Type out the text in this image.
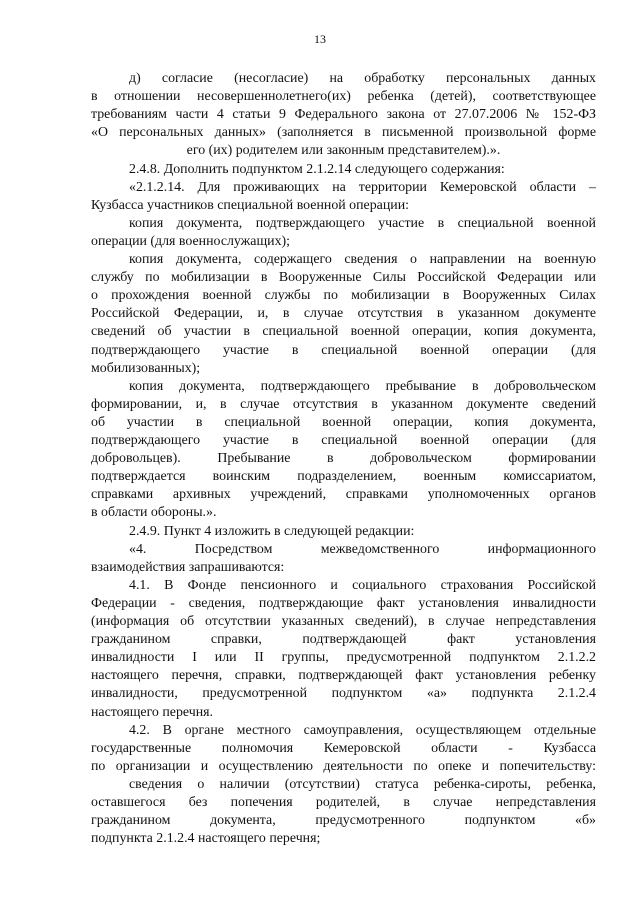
13
д) согласие (несогласие) на обработку персональных данных
в отношении несовершеннолетнего(их) ребенка (детей), соответствующее
требованиям части 4 статьи 9 Федерального закона от 27.07.2006 № 152-ФЗ
«О персональных данных» (заполняется в письменной произвольной форме
его (их) родителем или законным представителем).».
2.4.8. Дополнить подпунктом 2.1.2.14 следующего содержания:
«2.1.2.14. Для проживающих на территории Кемеровской области –
Кузбасса участников специальной военной операции:
копия документа, подтверждающего участие в специальной военной
операции (для военнослужащих);
копия документа, содержащего сведения о направлении на военную
службу по мобилизации в Вооруженные Силы Российской Федерации или
о прохождения военной службы по мобилизации в Вооруженных Силах
Российской Федерации, и, в случае отсутствия в указанном документе
сведений об участии в специальной военной операции, копия документа,
подтверждающего участие в специальной военной операции (для
мобилизованных);
копия документа, подтверждающего пребывание в добровольческом
формировании, и, в случае отсутствия в указанном документе сведений
об участии в специальной военной операции, копия документа,
подтверждающего участие в специальной военной операции (для
добровольцев). Пребывание в добровольческом формировании
подтверждается воинским подразделением, военным комиссариатом,
справками архивных учреждений, справками уполномоченных органов
в области обороны.».
2.4.9. Пункт 4 изложить в следующей редакции:
«4. Посредством межведомственного информационного
взаимодействия запрашиваются:
4.1. В Фонде пенсионного и социального страхования Российской
Федерации - сведения, подтверждающие факт установления инвалидности
(информация об отсутствии указанных сведений), в случае непредставления
гражданином справки, подтверждающей факт установления
инвалидности I или II группы, предусмотренной подпунктом 2.1.2.2
настоящего перечня, справки, подтверждающей факт установления ребенку
инвалидности, предусмотренной подпунктом «а» подпункта 2.1.2.4
настоящего перечня.
4.2. В органе местного самоуправления, осуществляющем отдельные
государственные полномочия Кемеровской области - Кузбасса
по организации и осуществлению деятельности по опеке и попечительству:
сведения о наличии (отсутствии) статуса ребенка-сироты, ребенка,
оставшегося без попечения родителей, в случае непредставления
гражданином документа, предусмотренного подпунктом «б»
подпункта 2.1.2.4 настоящего перечня;
